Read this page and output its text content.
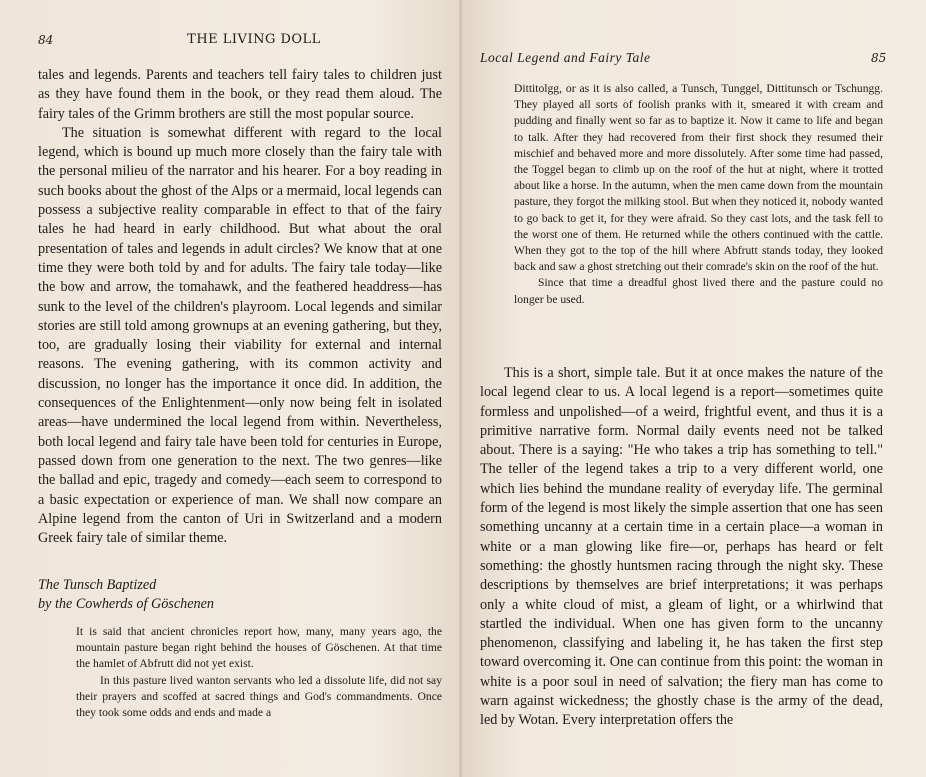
84	THE LIVING DOLL

tales and legends. Parents and teachers tell fairy tales to children just as they have found them in the book, or they read them aloud. The fairy tales of the Grimm brothers are still the most popular source.

The situation is somewhat different with regard to the local legend, which is bound up much more closely than the fairy tale with the personal milieu of the narrator and his hearer. For a boy reading in such books about the ghost of the Alps or a mermaid, local legends can possess a subjective reality comparable in effect to that of the fairy tales he had heard in early childhood. But what about the oral presentation of tales and legends in adult circles? We know that at one time they were both told by and for adults. The fairy tale today—like the bow and arrow, the tomahawk, and the feathered headdress—has sunk to the level of the children's playroom. Local legends and similar stories are still told among grownups at an evening gathering, but they, too, are gradually losing their viability for external and internal reasons. The evening gathering, with its common activity and discussion, no longer has the importance it once did. In addition, the consequences of the Enlightenment—only now being felt in isolated areas—have undermined the local legend from within. Nevertheless, both local legend and fairy tale have been told for centuries in Europe, passed down from one generation to the next. The two genres—like the ballad and epic, tragedy and comedy—each seem to correspond to a basic expectation or experience of man. We shall now compare an Alpine legend from the canton of Uri in Switzerland and a modern Greek fairy tale of similar theme.

The Tunsch Baptized
by the Cowherds of Göschenen

It is said that ancient chronicles report how, many, many years ago, the mountain pasture began right behind the houses of Göschenen. At that time the hamlet of Abfrutt did not yet exist.

In this pasture lived wanton servants who led a dissolute life, did not say their prayers and scoffed at sacred things and God's commandments. Once they took some odds and ends and made a

Local Legend and Fairy Tale	85

Dittitolgg, or as it is also called, a Tunsch, Tunggel, Dittitunsch or Tschungg. They played all sorts of foolish pranks with it, smeared it with cream and pudding and finally went so far as to baptize it. Now it came to life and began to talk. After they had recovered from their first shock they resumed their mischief and behaved more and more dissolutely. After some time had passed, the Toggel began to climb up on the roof of the hut at night, where it trotted about like a horse. In the autumn, when the men came down from the mountain pasture, they forgot the milking stool. But when they noticed it, nobody wanted to go back to get it, for they were afraid. So they cast lots, and the task fell to the worst one of them. He returned while the others continued with the cattle. When they got to the top of the hill where Abfrutt stands today, they looked back and saw a ghost stretching out their comrade's skin on the roof of the hut.

Since that time a dreadful ghost lived there and the pasture could no longer be used.

This is a short, simple tale. But it at once makes the nature of the local legend clear to us. A local legend is a report—sometimes quite formless and unpolished—of a weird, frightful event, and thus it is a primitive narrative form. Normal daily events need not be talked about. There is a saying: "He who takes a trip has something to tell." The teller of the legend takes a trip to a very different world, one which lies behind the mundane reality of everyday life. The germinal form of the legend is most likely the simple assertion that one has seen something uncanny at a certain time in a certain place—a woman in white or a man glowing like fire—or, perhaps has heard or felt something: the ghostly huntsmen racing through the night sky. These descriptions by themselves are brief interpretations; it was perhaps only a white cloud of mist, a gleam of light, or a whirlwind that startled the individual. When one has given form to the uncanny phenomenon, classifying and labeling it, he has taken the first step toward overcoming it. One can continue from this point: the woman in white is a poor soul in need of salvation; the fiery man has come to warn against wickedness; the ghostly chase is the army of the dead, led by Wotan. Every interpretation offers the
